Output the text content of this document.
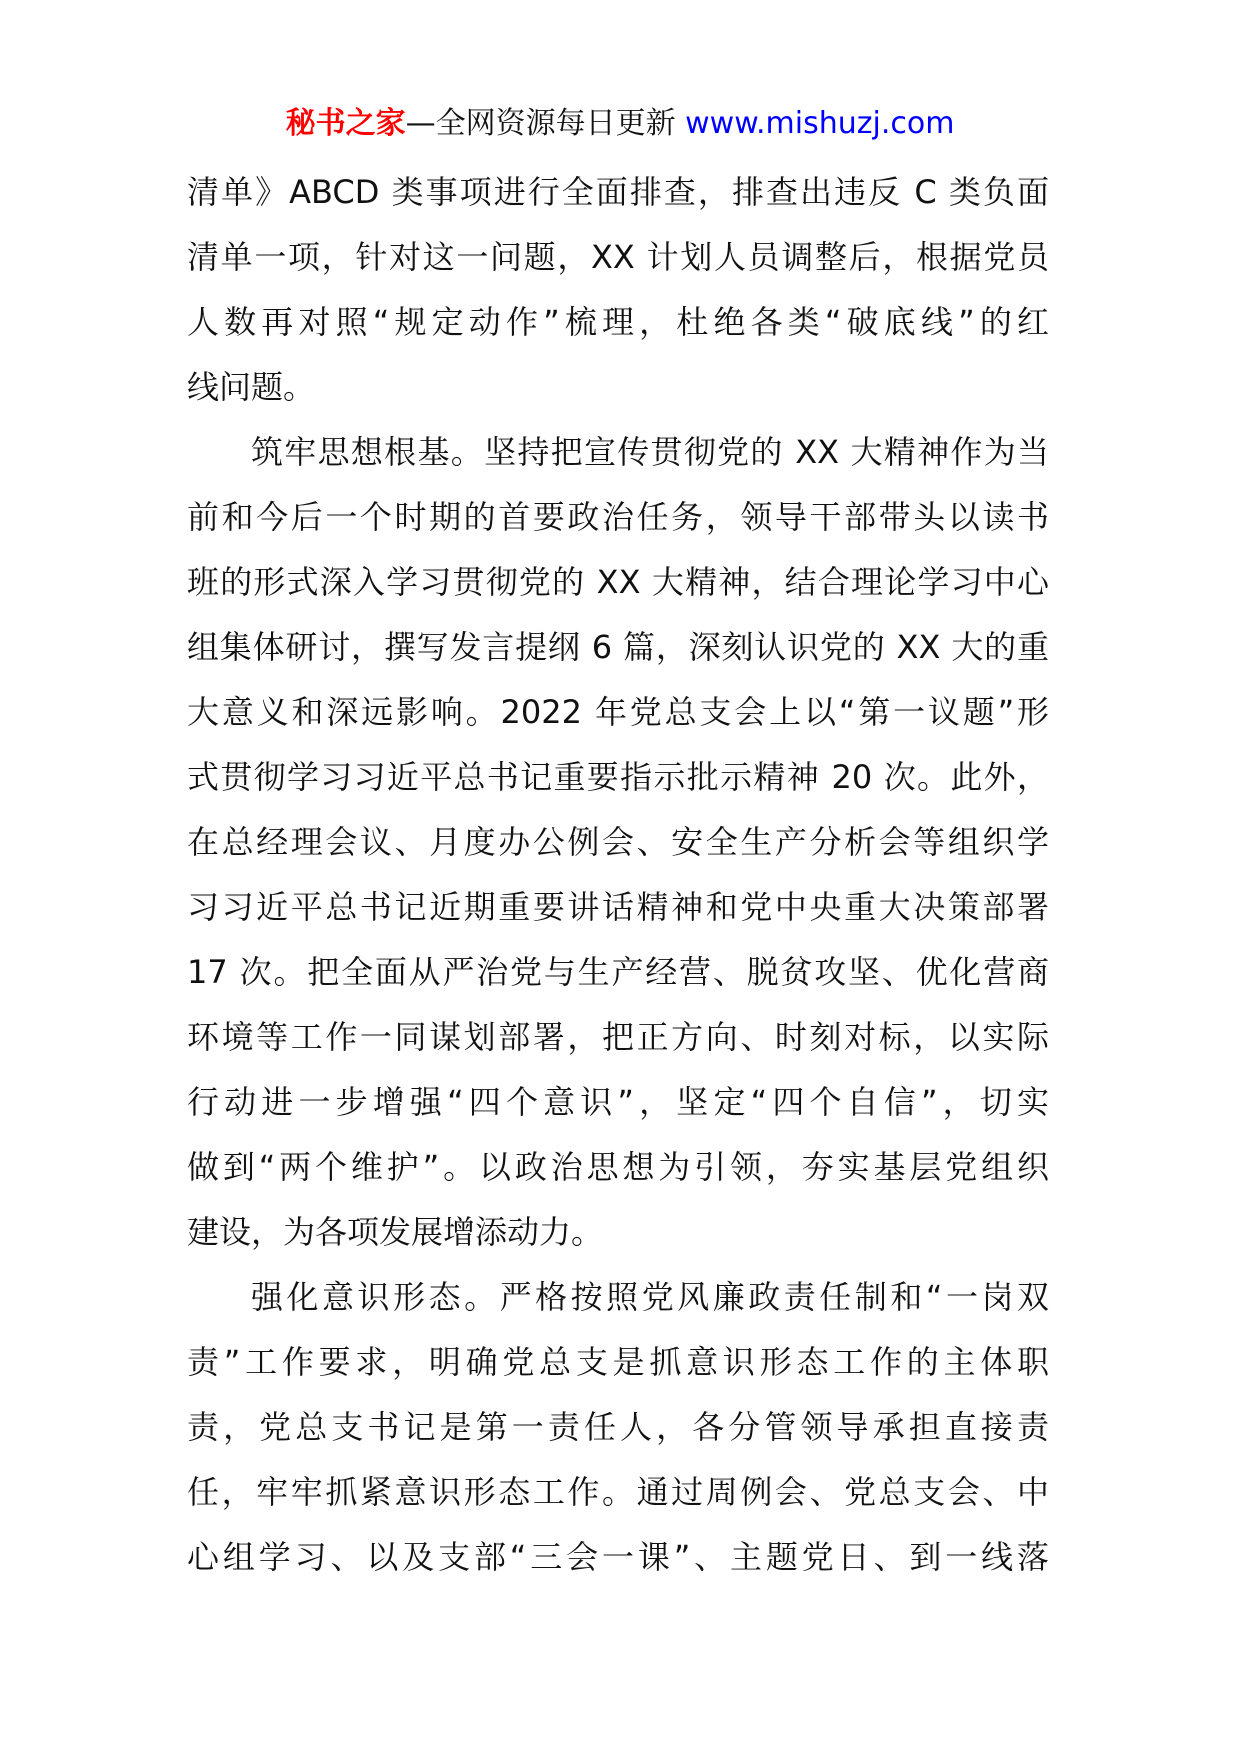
秘书之家—全网资源每日更新 www.mishuzj.com
清单》ABCD 类事项进行全面排查，排查出违反 C 类负面
清单一项，针对这一问题，XX 计划人员调整后，根据党员
人数再对照“规定动作”梳理，杜绝各类“破底线”的红
线问题。
筑牢思想根基。坚持把宣传贯彻党的 XX 大精神作为当
前和今后一个时期的首要政治任务，领导干部带头以读书
班的形式深入学习贯彻党的 XX 大精神，结合理论学习中心
组集体研讨，撰写发言提纲 6 篇，深刻认识党的 XX 大的重
大意义和深远影响。2022 年党总支会上以“第一议题”形
式贯彻学习习近平总书记重要指示批示精神 20 次。此外，
在总经理会议、月度办公例会、安全生产分析会等组织学
习习近平总书记近期重要讲话精神和党中央重大决策部署
17 次。把全面从严治党与生产经营、脱贫攻坚、优化营商
环境等工作一同谋划部署，把正方向、时刻对标，以实际
行动进一步增强“四个意识”，坚定“四个自信”，切实
做到“两个维护”。以政治思想为引领，夯实基层党组织
建设，为各项发展增添动力。
强化意识形态。严格按照党风廉政责任制和“一岗双
责”工作要求，明确党总支是抓意识形态工作的主体职
责，党总支书记是第一责任人，各分管领导承担直接责
任，牢牢抓紧意识形态工作。通过周例会、党总支会、中
心组学习、以及支部“三会一课”、主题党日、到一线落
